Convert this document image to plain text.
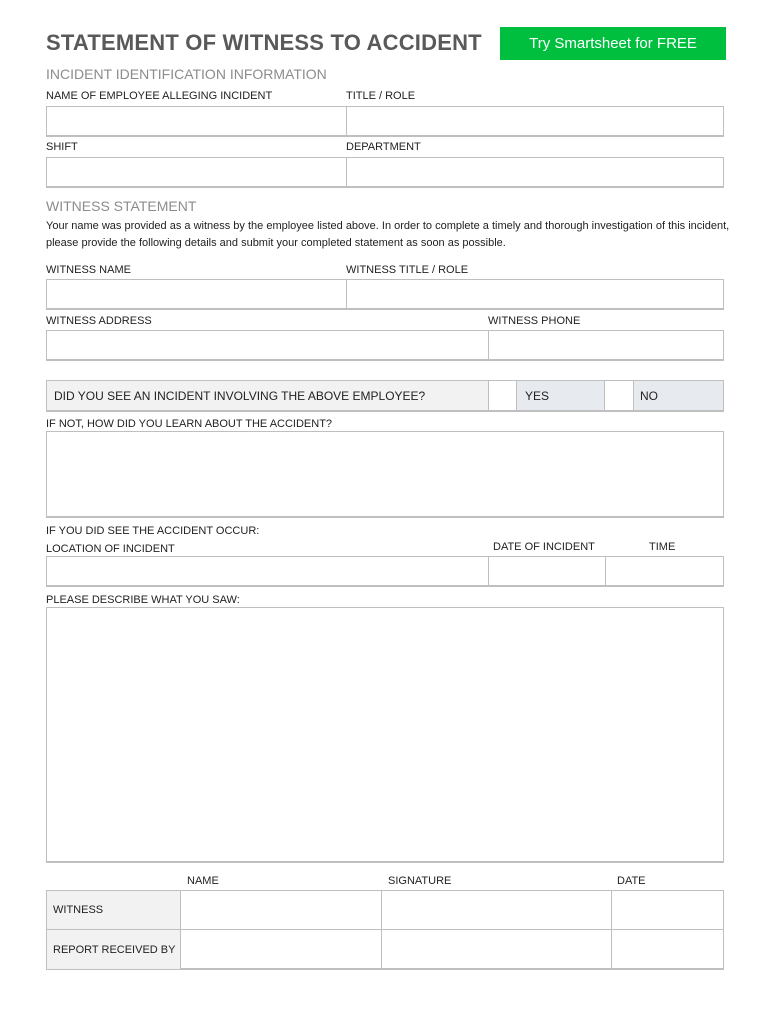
STATEMENT OF WITNESS TO ACCIDENT	Try Smartsheet for FREE
INCIDENT IDENTIFICATION INFORMATION
NAME OF EMPLOYEE ALLEGING INCIDENT	TITLE / ROLE
SHIFT	DEPARTMENT
WITNESS STATEMENT
Your name was provided as a witness by the employee listed above. In order to complete a timely and thorough investigation of this incident, please provide the following details and submit your completed statement as soon as possible.
WITNESS NAME	WITNESS TITLE / ROLE
WITNESS ADDRESS	WITNESS PHONE
DID YOU SEE AN INCIDENT INVOLVING THE ABOVE EMPLOYEE?	YES	NO
IF NOT, HOW DID YOU LEARN ABOUT THE ACCIDENT?
IF YOU DID SEE THE ACCIDENT OCCUR:
LOCATION OF INCIDENT	DATE OF INCIDENT	TIME
PLEASE DESCRIBE WHAT YOU SAW:
NAME	SIGNATURE	DATE
WITNESS
REPORT RECEIVED BY
